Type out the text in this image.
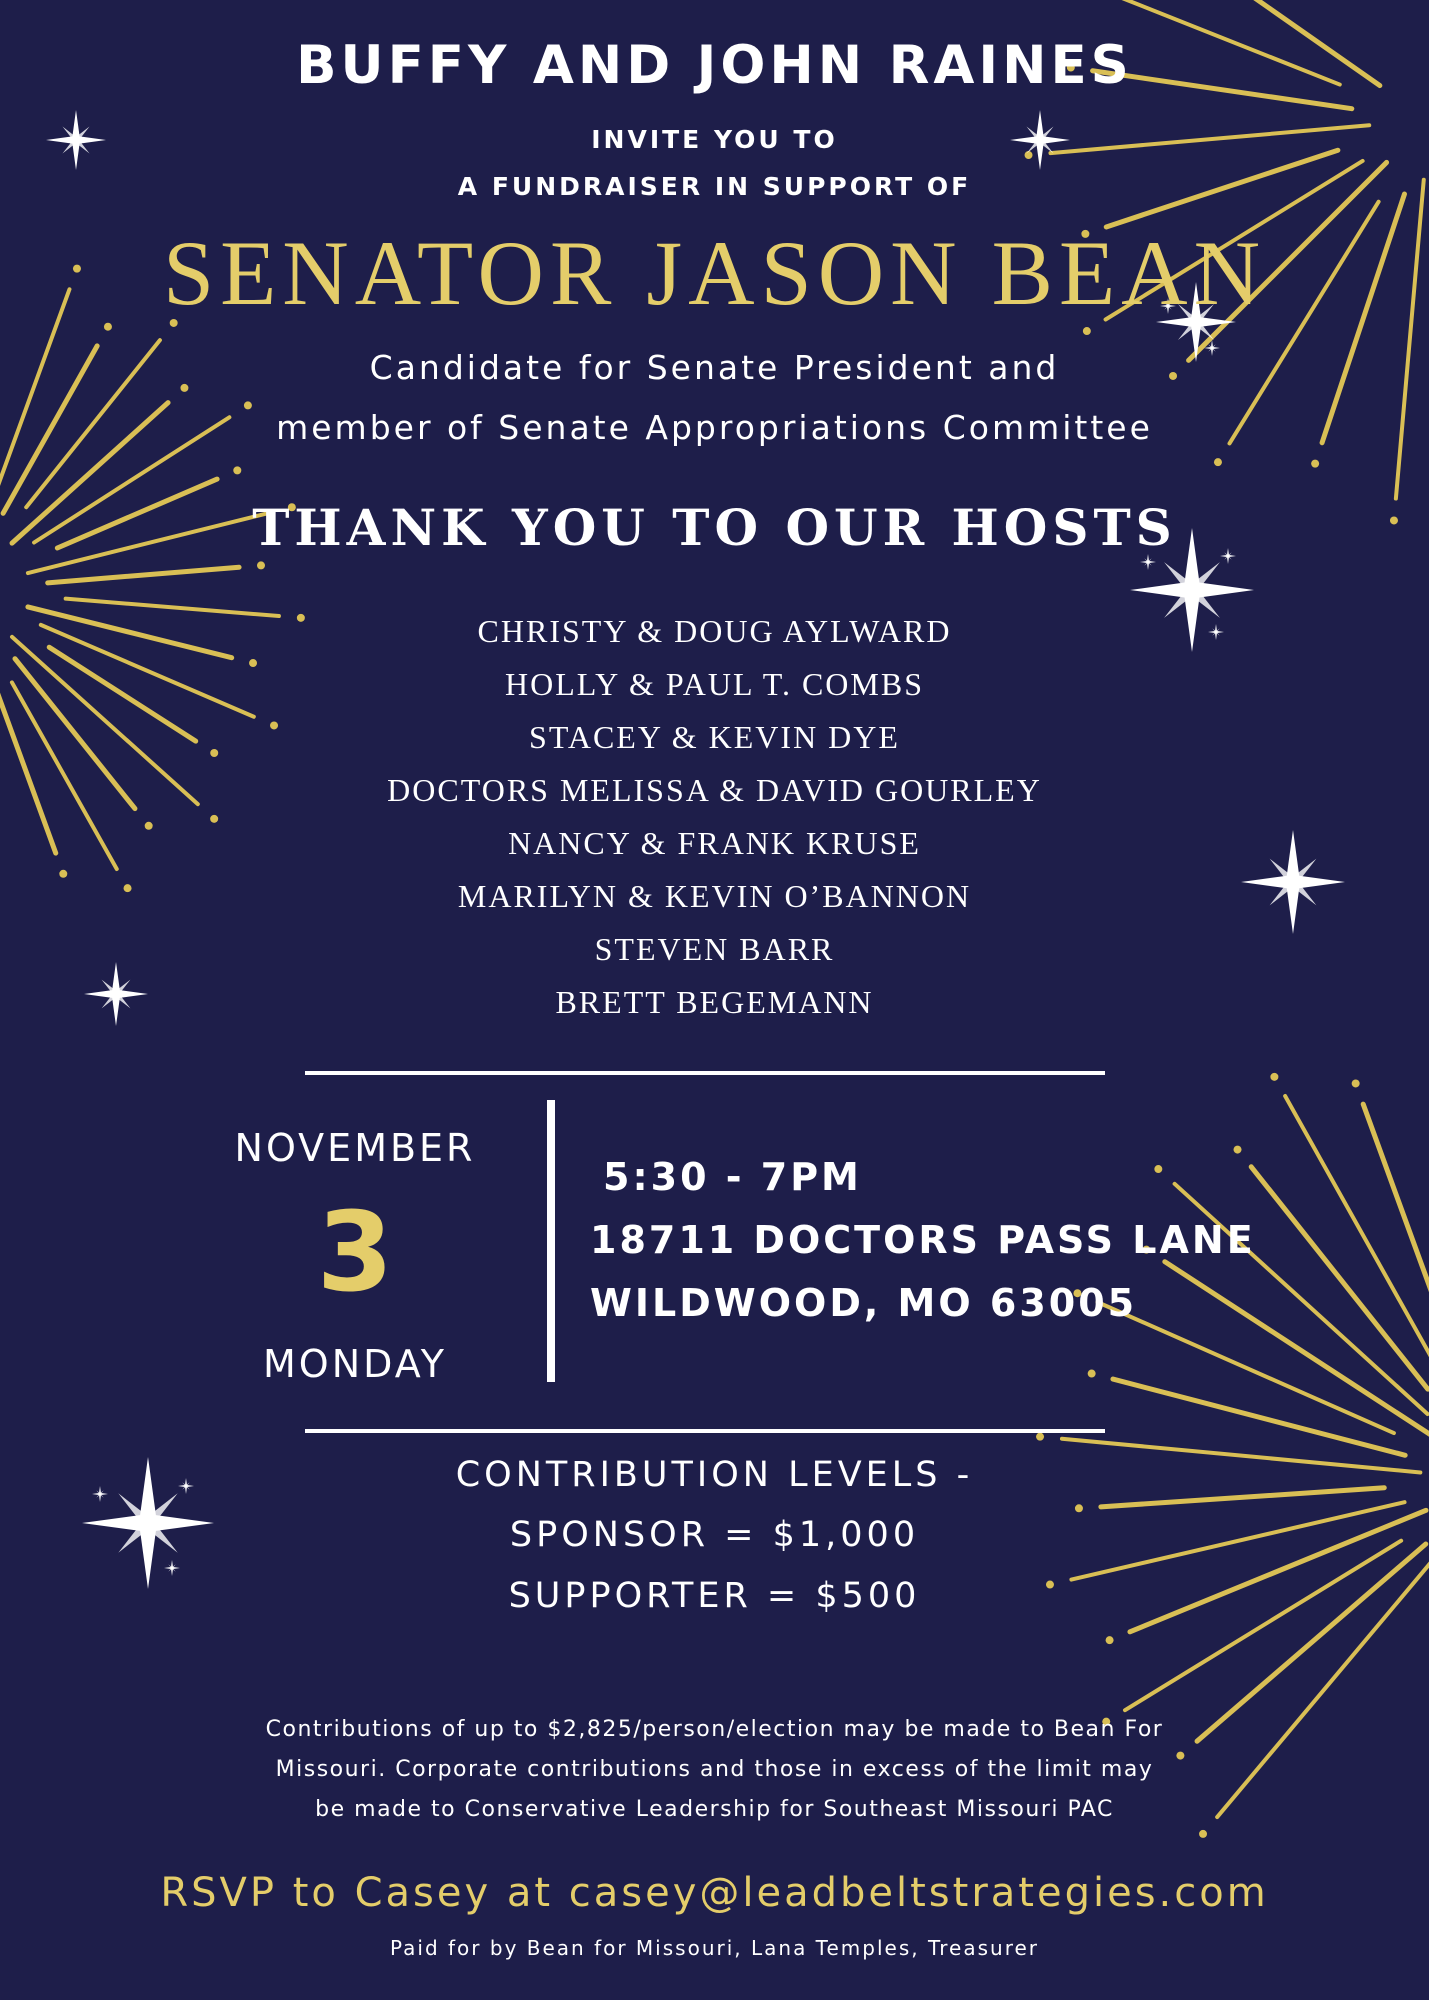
BUFFY AND JOHN RAINES
INVITE YOU TO
A FUNDRAISER IN SUPPORT OF
SENATOR JASON BEAN
Candidate for Senate President and
member of Senate Appropriations Committee
THANK YOU TO OUR HOSTS
CHRISTY & DOUG AYLWARD
HOLLY & PAUL T. COMBS
STACEY & KEVIN DYE
DOCTORS MELISSA & DAVID GOURLEY
NANCY & FRANK KRUSE
MARILYN & KEVIN O’BANNON
STEVEN BARR
BRETT BEGEMANN
NOVEMBER
3
MONDAY
5:30 - 7PM
18711 DOCTORS PASS LANE
WILDWOOD, MO 63005
CONTRIBUTION LEVELS -
SPONSOR = $1,000
SUPPORTER = $500
Contributions of up to $2,825/person/election may be made to Bean For
Missouri. Corporate contributions and those in excess of the limit may
be made to Conservative Leadership for Southeast Missouri PAC
RSVP to Casey at casey@leadbeltstrategies.com
Paid for by Bean for Missouri, Lana Temples, Treasurer
